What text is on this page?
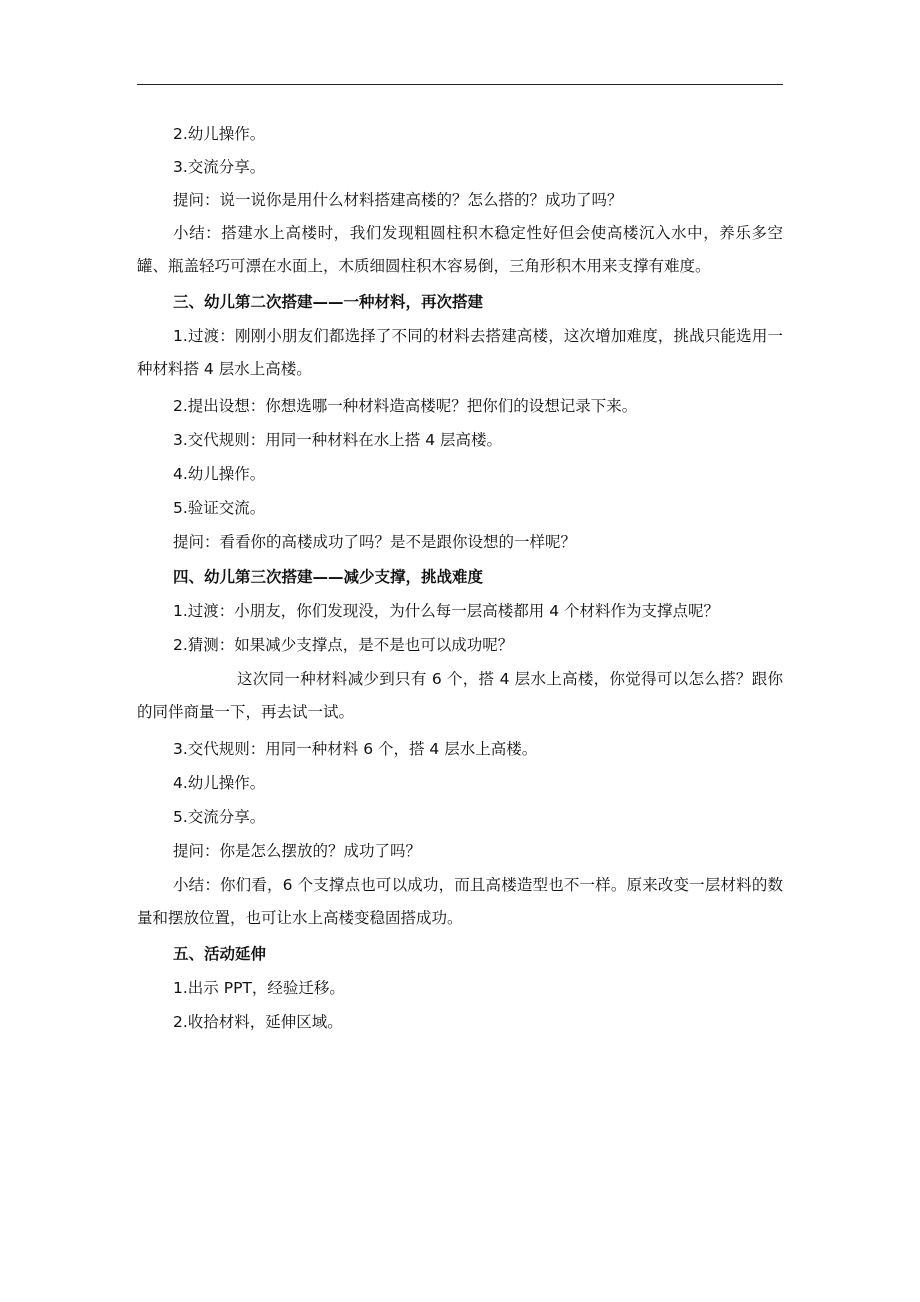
2.幼儿操作。
3.交流分享。
提问：说一说你是用什么材料搭建高楼的？怎么搭的？成功了吗？
小结：搭建水上高楼时，我们发现粗圆柱积木稳定性好但会使高楼沉入水中，养乐多空罐、瓶盖轻巧可漂在水面上，木质细圆柱积木容易倒，三角形积木用来支撑有难度。
三、幼儿第二次搭建——一种材料，再次搭建
1.过渡：刚刚小朋友们都选择了不同的材料去搭建高楼，这次增加难度，挑战只能选用一种材料搭 4 层水上高楼。
2.提出设想：你想选哪一种材料造高楼呢？把你们的设想记录下来。
3.交代规则：用同一种材料在水上搭 4 层高楼。
4.幼儿操作。
5.验证交流。
提问：看看你的高楼成功了吗？是不是跟你设想的一样呢？
四、幼儿第三次搭建——减少支撑，挑战难度
1.过渡：小朋友，你们发现没，为什么每一层高楼都用 4 个材料作为支撑点呢？
2.猜测：如果减少支撑点，是不是也可以成功呢？
这次同一种材料减少到只有 6 个，搭 4 层水上高楼，你觉得可以怎么搭？跟你的同伴商量一下，再去试一试。
3.交代规则：用同一种材料 6 个，搭 4 层水上高楼。
4.幼儿操作。
5.交流分享。
提问：你是怎么摆放的？成功了吗？
小结：你们看，6 个支撑点也可以成功，而且高楼造型也不一样。原来改变一层材料的数量和摆放位置，也可让水上高楼变稳固搭成功。
五、活动延伸
1.出示 PPT，经验迁移。
2.收拾材料，延伸区域。
